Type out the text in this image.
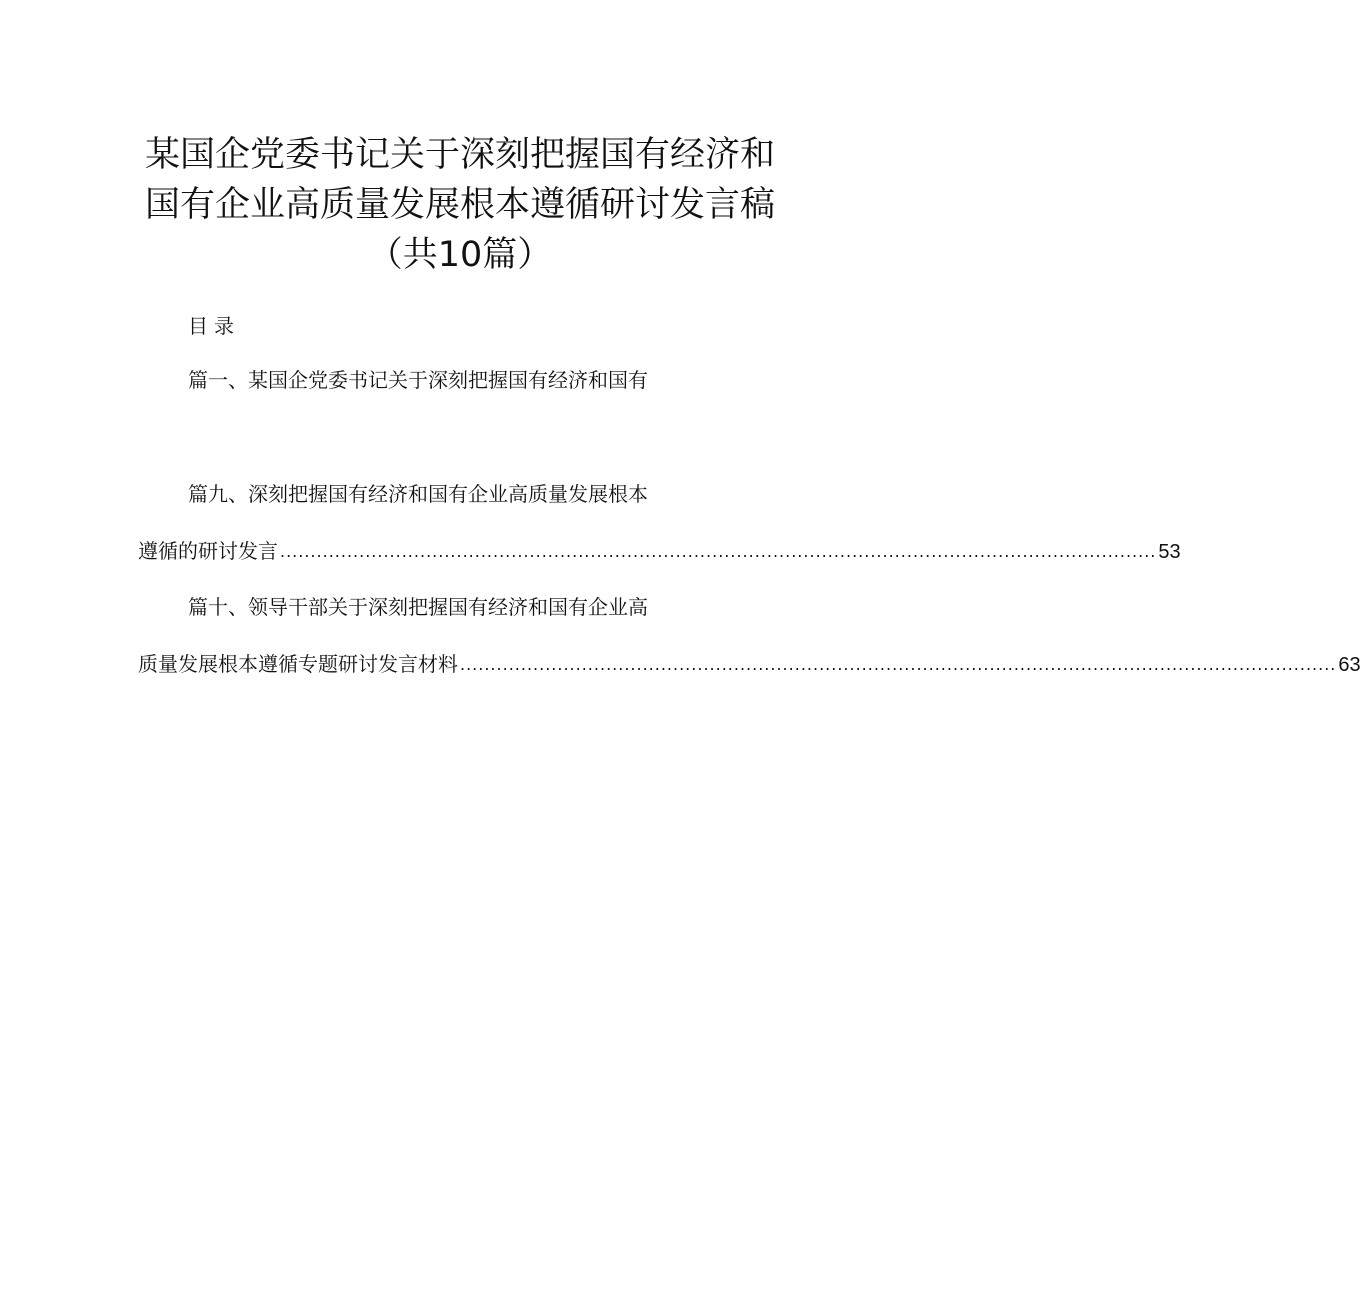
某国企党委书记关于深刻把握国有经济和
国有企业高质量发展根本遵循研讨发言稿
（共10篇）
目录
篇一、某国企党委书记关于深刻把握国有经济和国有
篇九、深刻把握国有经济和国有企业高质量发展根本
遵循的研讨发言 ................................................................................................................................................ 53
篇十、领导干部关于深刻把握国有经济和国有企业高
质量发展根本遵循专题研讨发言材料 ................................................................................................................................................ 63
